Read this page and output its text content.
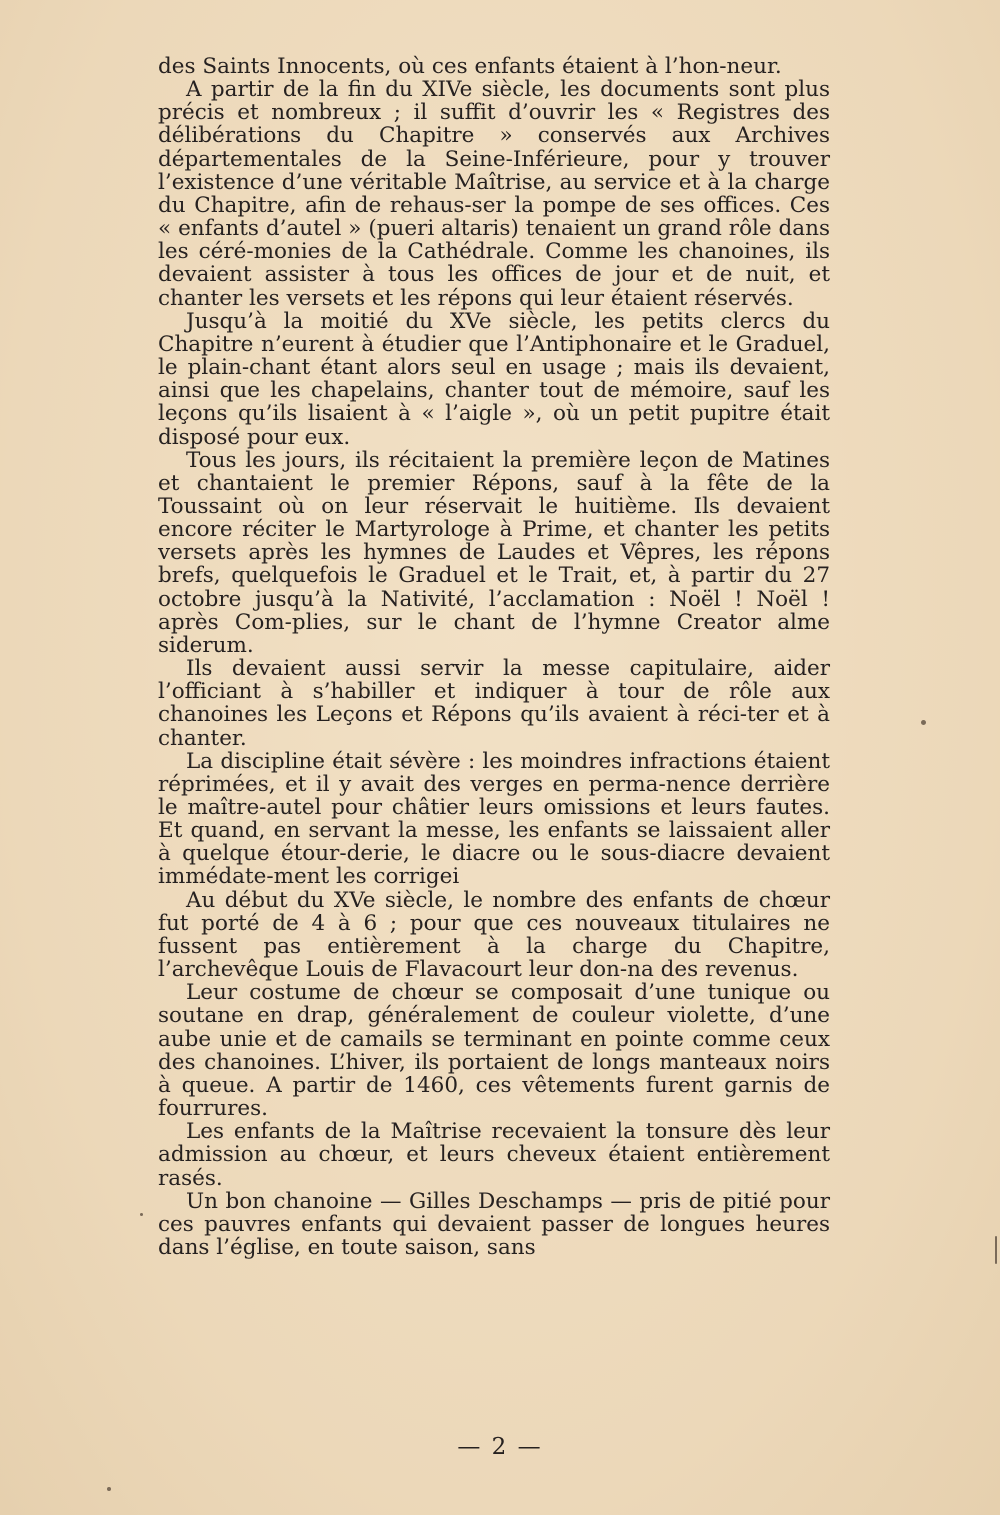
des Saints Innocents, où ces enfants étaient à l’hon-neur.

A partir de la fin du XIVe siècle, les documents sont plus précis et nombreux ; il suffit d’ouvrir les « Registres des délibérations du Chapitre » conservés aux Archives départementales de la Seine-Inférieure, pour y trouver l’existence d’une véritable Maîtrise, au service et à la charge du Chapitre, afin de rehaus-ser la pompe de ses offices. Ces « enfants d’autel » (pueri altaris) tenaient un grand rôle dans les céré-monies de la Cathédrale. Comme les chanoines, ils devaient assister à tous les offices de jour et de nuit, et chanter les versets et les répons qui leur étaient réservés.

Jusqu’à la moitié du XVe siècle, les petits clercs du Chapitre n’eurent à étudier que l’Antiphonaire et le Graduel, le plain-chant étant alors seul en usage ; mais ils devaient, ainsi que les chapelains, chanter tout de mémoire, sauf les leçons qu’ils lisaient à « l’aigle », où un petit pupitre était disposé pour eux.

Tous les jours, ils récitaient la première leçon de Matines et chantaient le premier Répons, sauf à la fête de la Toussaint où on leur réservait le huitième. Ils devaient encore réciter le Martyrologe à Prime, et chanter les petits versets après les hymnes de Laudes et Vêpres, les répons brefs, quelquefois le Graduel et le Trait, et, à partir du 27 octobre jusqu’à la Nativité, l’acclamation : Noël ! Noël ! après Com-plies, sur le chant de l’hymne Creator alme siderum.

Ils devaient aussi servir la messe capitulaire, aider l’officiant à s’habiller et indiquer à tour de rôle aux chanoines les Leçons et Répons qu’ils avaient à réci-ter et à chanter.

La discipline était sévère : les moindres infractions étaient réprimées, et il y avait des verges en perma-nence derrière le maître-autel pour châtier leurs omissions et leurs fautes. Et quand, en servant la messe, les enfants se laissaient aller à quelque étour-derie, le diacre ou le sous-diacre devaient immédate-ment les corrigei

Au début du XVe siècle, le nombre des enfants de chœur fut porté de 4 à 6 ; pour que ces nouveaux titulaires ne fussent pas entièrement à la charge du Chapitre, l’archevêque Louis de Flavacourt leur don-na des revenus.

Leur costume de chœur se composait d’une tunique ou soutane en drap, généralement de couleur violette, d’une aube unie et de camails se terminant en pointe comme ceux des chanoines. L’hiver, ils portaient de longs manteaux noirs à queue. A partir de 1460, ces vêtements furent garnis de fourrures.

Les enfants de la Maîtrise recevaient la tonsure dès leur admission au chœur, et leurs cheveux étaient entièrement rasés.

Un bon chanoine — Gilles Deschamps — pris de pitié pour ces pauvres enfants qui devaient passer de longues heures dans l’église, en toute saison, sans

— 2 —
